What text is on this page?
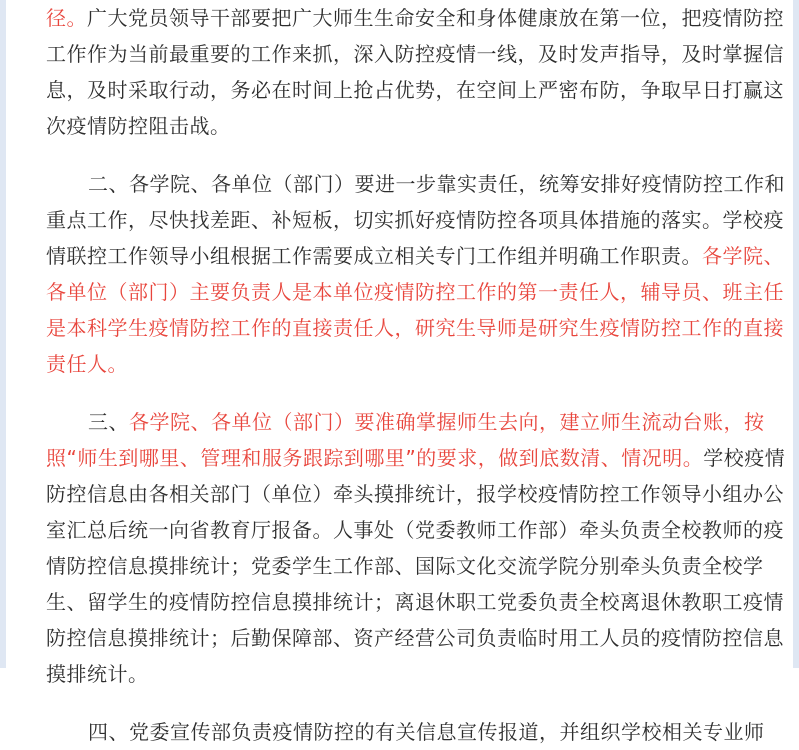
径。广大党员领导干部要把广大师生生命安全和身体健康放在第一位，把疫情防控
工作作为当前最重要的工作来抓，深入防控疫情一线，及时发声指导，及时掌握信
息，及时采取行动，务必在时间上抢占优势，在空间上严密布防，争取早日打赢这
次疫情防控阻击战。
二、各学院、各单位（部门）要进一步靠实责任，统筹安排好疫情防控工作和
重点工作，尽快找差距、补短板，切实抓好疫情防控各项具体措施的落实。学校疫
情联控工作领导小组根据工作需要成立相关专门工作组并明确工作职责。各学院、
各单位（部门）主要负责人是本单位疫情防控工作的第一责任人，辅导员、班主任
是本科学生疫情防控工作的直接责任人，研究生导师是研究生疫情防控工作的直接
责任人。
三、各学院、各单位（部门）要准确掌握师生去向，建立师生流动台账，按
照“师生到哪里、管理和服务跟踪到哪里”的要求，做到底数清、情况明。学校疫情
防控信息由各相关部门（单位）牵头摸排统计，报学校疫情防控工作领导小组办公
室汇总后统一向省教育厅报备。人事处（党委教师工作部）牵头负责全校教师的疫
情防控信息摸排统计；党委学生工作部、国际文化交流学院分别牵头负责全校学
生、留学生的疫情防控信息摸排统计；离退休职工党委负责全校离退休教职工疫情
防控信息摸排统计；后勤保障部、资产经营公司负责临时用工人员的疫情防控信息
摸排统计。
四、党委宣传部负责疫情防控的有关信息宣传报道，并组织学校相关专业师
